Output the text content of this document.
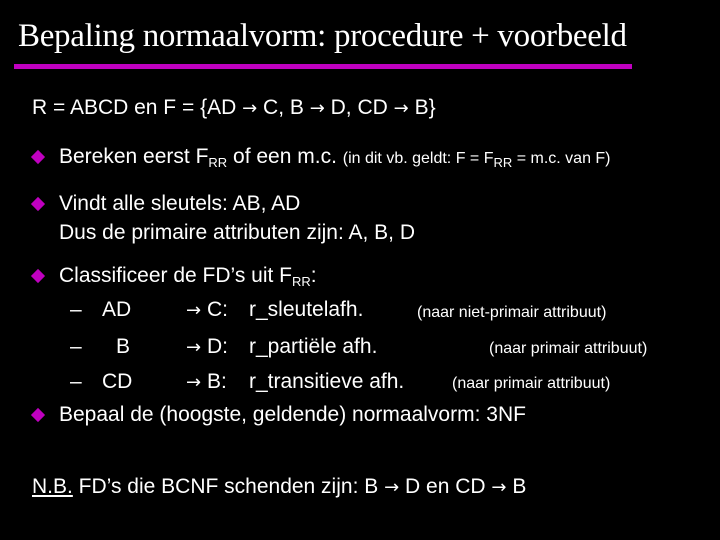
Bepaling normaalvorm: procedure + voorbeeld
R = ABCD en F = {AD → C, B → D, CD → B}
Bereken eerst $F_{RR}$ of een m.c. (in dit vb. geldt: $F = F_{RR} = m.c$. van F)
Vindt alle sleutels: AB, AD
Dus de primaire attributen zijn: A, B, D
Classificeer de FD’s uit $F_{RR}$:
– AD	→ C: r_sleutelafh.	(naar niet-primair attribuut)
– B	→ D: r_partiële afh.	(naar primair attribuut)
– CD	→ B: r_transitieve afh.	(naar primair attribuut)
Bepaal de (hoogste, geldende) normaalvorm: 3NF
N.B. FD’s die BCNF schenden zijn: B → D en CD → B
